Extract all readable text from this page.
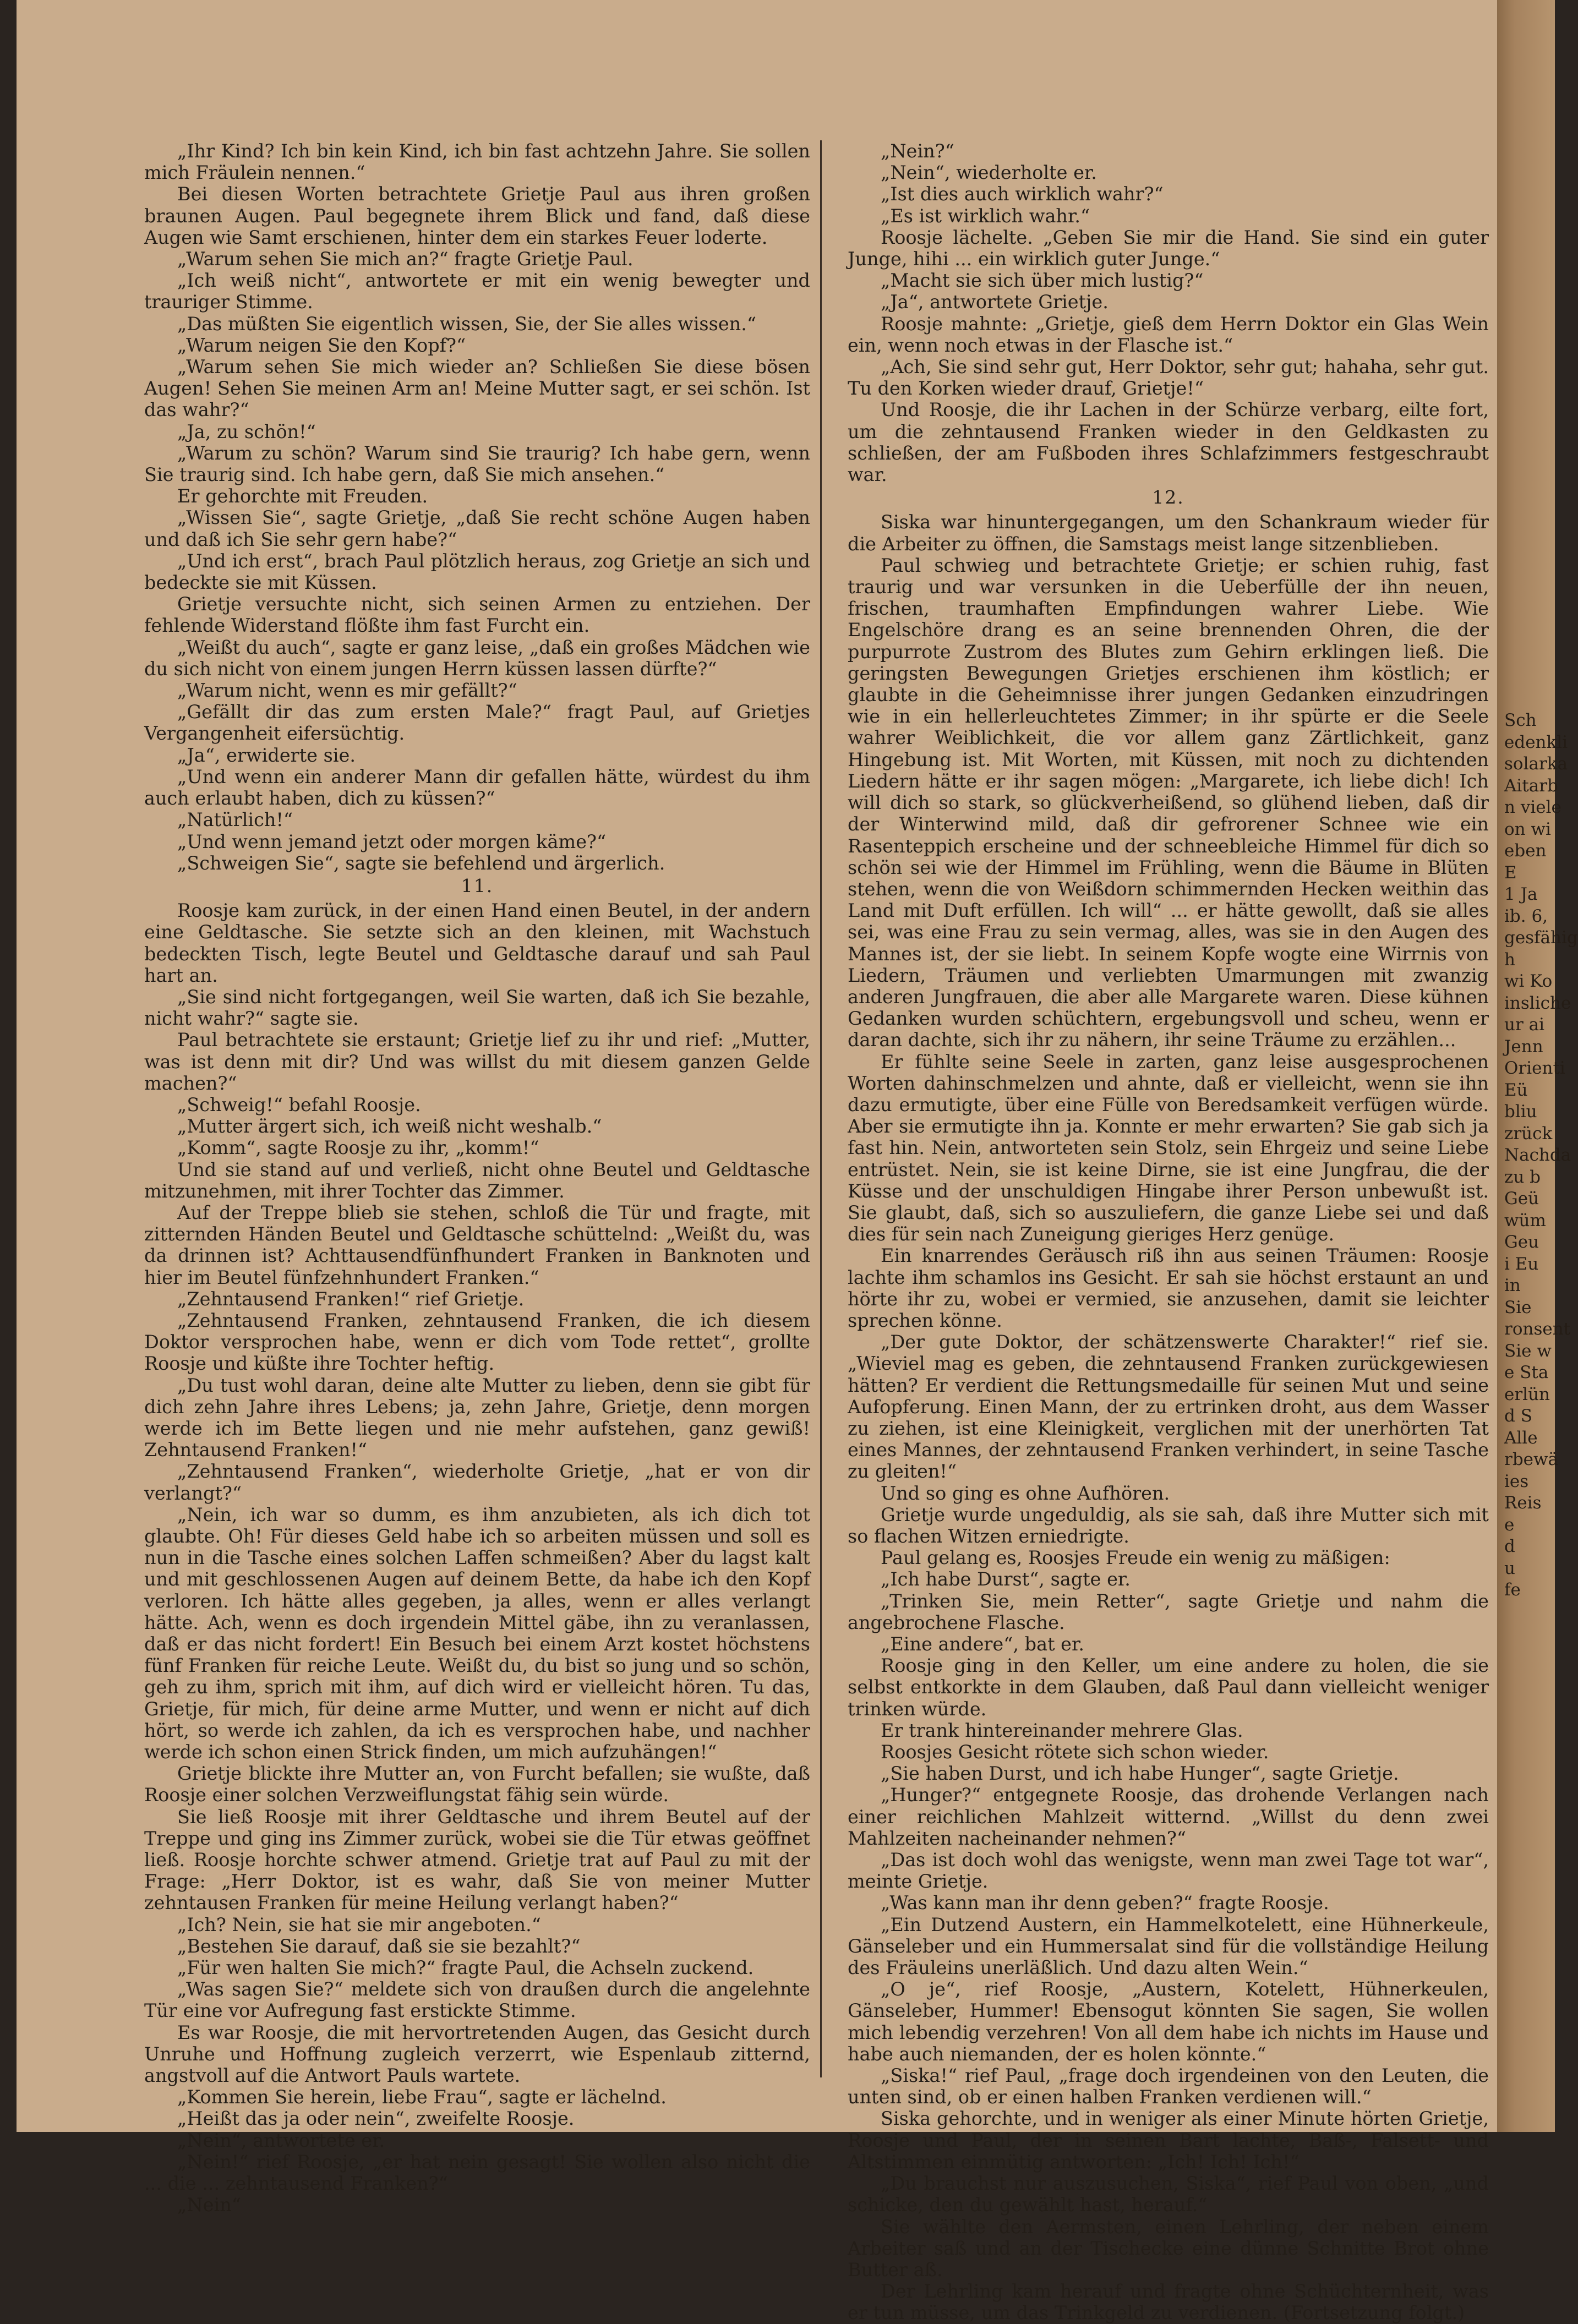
„Ihr Kind? Ich bin kein Kind, ich bin fast achtzehn Jahre. Sie sollen mich Fräulein nennen.“

Bei diesen Worten betrachtete Grietje Paul aus ihren großen braunen Augen. Paul begegnete ihrem Blick und fand, daß diese Augen wie Samt erschienen, hinter dem ein starkes Feuer loderte.

„Warum sehen Sie mich an?“ fragte Grietje Paul.

„Ich weiß nicht“, antwortete er mit ein wenig bewegter und trauriger Stimme.

„Das müßten Sie eigentlich wissen, Sie, der Sie alles wissen.“

„Warum neigen Sie den Kopf?“

„Warum sehen Sie mich wieder an? Schließen Sie diese bösen Augen! Sehen Sie meinen Arm an! Meine Mutter sagt, er sei schön. Ist das wahr?“

„Ja, zu schön!“

„Warum zu schön? Warum sind Sie traurig? Ich habe gern, wenn Sie traurig sind. Ich habe gern, daß Sie mich ansehen.“

Er gehorchte mit Freuden.

„Wissen Sie“, sagte Grietje, „daß Sie recht schöne Augen haben und daß ich Sie sehr gern habe?“

„Und ich erst“, brach Paul plötzlich heraus, zog Grietje an sich und bedeckte sie mit Küssen.

Grietje versuchte nicht, sich seinen Armen zu entziehen. Der fehlende Widerstand flößte ihm fast Furcht ein.

„Weißt du auch“, sagte er ganz leise, „daß ein großes Mädchen wie du sich nicht von einem jungen Herrn küssen lassen dürfte?“

„Warum nicht, wenn es mir gefällt?“

„Gefällt dir das zum ersten Male?“ fragt Paul, auf Grietjes Vergangenheit eifersüchtig.

„Ja“, erwiderte sie.

„Und wenn ein anderer Mann dir gefallen hätte, würdest du ihm auch erlaubt haben, dich zu küssen?“

„Natürlich!“

„Und wenn jemand jetzt oder morgen käme?“

„Schweigen Sie“, sagte sie befehlend und ärgerlich.

11.

Roosje kam zurück, in der einen Hand einen Beutel, in der andern eine Geldtasche. Sie setzte sich an den kleinen, mit Wachstuch bedeckten Tisch, legte Beutel und Geldtasche darauf und sah Paul hart an.

„Sie sind nicht fortgegangen, weil Sie warten, daß ich Sie bezahle, nicht wahr?“ sagte sie.

Paul betrachtete sie erstaunt; Grietje lief zu ihr und rief: „Mutter, was ist denn mit dir? Und was willst du mit diesem ganzen Gelde machen?“

„Schweig!“ befahl Roosje.

„Mutter ärgert sich, ich weiß nicht weshalb.“

„Komm“, sagte Roosje zu ihr, „komm!“

Und sie stand auf und verließ, nicht ohne Beutel und Geldtasche mitzunehmen, mit ihrer Tochter das Zimmer.

Auf der Treppe blieb sie stehen, schloß die Tür und fragte, mit zitternden Händen Beutel und Geldtasche schüttelnd: „Weißt du, was da drinnen ist? Achttausendfünfhundert Franken in Banknoten und hier im Beutel fünfzehnhundert Franken.“

„Zehntausend Franken!“ rief Grietje.

„Zehntausend Franken, zehntausend Franken, die ich diesem Doktor versprochen habe, wenn er dich vom Tode rettet“, grollte Roosje und küßte ihre Tochter heftig.

„Du tust wohl daran, deine alte Mutter zu lieben, denn sie gibt für dich zehn Jahre ihres Lebens; ja, zehn Jahre, Grietje, denn morgen werde ich im Bette liegen und nie mehr aufstehen, ganz gewiß! Zehntausend Franken!“

„Zehntausend Franken“, wiederholte Grietje, „hat er von dir verlangt?“

„Nein, ich war so dumm, es ihm anzubieten, als ich dich tot glaubte. Oh! Für dieses Geld habe ich so arbeiten müssen und soll es nun in die Tasche eines solchen Laffen schmeißen? Aber du lagst kalt und mit geschlossenen Augen auf deinem Bette, da habe ich den Kopf verloren. Ich hätte alles gegeben, ja alles, wenn er alles verlangt hätte. Ach, wenn es doch irgendein Mittel gäbe, ihn zu veranlassen, daß er das nicht fordert! Ein Besuch bei einem Arzt kostet höchstens fünf Franken für reiche Leute. Weißt du, du bist so jung und so schön, geh zu ihm, sprich mit ihm, auf dich wird er vielleicht hören. Tu das, Grietje, für mich, für deine arme Mutter, und wenn er nicht auf dich hört, so werde ich zahlen, da ich es versprochen habe, und nachher werde ich schon einen Strick finden, um mich aufzuhängen!“

Grietje blickte ihre Mutter an, von Furcht befallen; sie wußte, daß Roosje einer solchen Verzweiflungstat fähig sein würde.

Sie ließ Roosje mit ihrer Geldtasche und ihrem Beutel auf der Treppe und ging ins Zimmer zurück, wobei sie die Tür etwas geöffnet ließ. Roosje horchte schwer atmend. Grietje trat auf Paul zu mit der Frage: „Herr Doktor, ist es wahr, daß Sie von meiner Mutter zehntausen Franken für meine Heilung verlangt haben?“

„Ich? Nein, sie hat sie mir angeboten.“

„Bestehen Sie darauf, daß sie sie bezahlt?“

„Für wen halten Sie mich?“ fragte Paul, die Achseln zuckend.

„Was sagen Sie?“ meldete sich von draußen durch die angelehnte Tür eine vor Aufregung fast erstickte Stimme.

Es war Roosje, die mit hervortretenden Augen, das Gesicht durch Unruhe und Hoffnung zugleich verzerrt, wie Espenlaub zitternd, angstvoll auf die Antwort Pauls wartete.

„Kommen Sie herein, liebe Frau“, sagte er lächelnd.

„Heißt das ja oder nein“, zweifelte Roosje.

„Nein“, antwortete er.

„Nein!“ rief Roosje, „er hat nein gesagt! Sie wollen also nicht die ... die ... zehntausend Franken?“

„Nein“

„Nein?“

„Nein“, wiederholte er.

„Ist dies auch wirklich wahr?“

„Es ist wirklich wahr.“

Roosje lächelte. „Geben Sie mir die Hand. Sie sind ein guter Junge, hihi ... ein wirklich guter Junge.“

„Macht sie sich über mich lustig?“

„Ja“, antwortete Grietje.

Roosje mahnte: „Grietje, gieß dem Herrn Doktor ein Glas Wein ein, wenn noch etwas in der Flasche ist.“

„Ach, Sie sind sehr gut, Herr Doktor, sehr gut; hahaha, sehr gut. Tu den Korken wieder drauf, Grietje!“

Und Roosje, die ihr Lachen in der Schürze verbarg, eilte fort, um die zehntausend Franken wieder in den Geldkasten zu schließen, der am Fußboden ihres Schlafzimmers festgeschraubt war.

12.

Siska war hinuntergegangen, um den Schankraum wieder für die Arbeiter zu öffnen, die Samstags meist lange sitzenblieben.

Paul schwieg und betrachtete Grietje; er schien ruhig, fast traurig und war versunken in die Ueberfülle der ihn neuen, frischen, traumhaften Empfindungen wahrer Liebe. Wie Engelschöre drang es an seine brennenden Ohren, die der purpurrote Zustrom des Blutes zum Gehirn erklingen ließ. Die geringsten Bewegungen Grietjes erschienen ihm köstlich; er glaubte in die Geheimnisse ihrer jungen Gedanken einzudringen wie in ein hellerleuchtetes Zimmer; in ihr spürte er die Seele wahrer Weiblichkeit, die vor allem ganz Zärtlichkeit, ganz Hingebung ist. Mit Worten, mit Küssen, mit noch zu dichtenden Liedern hätte er ihr sagen mögen: „Margarete, ich liebe dich! Ich will dich so stark, so glückverheißend, so glühend lieben, daß dir der Winterwind mild, daß dir gefrorener Schnee wie ein Rasenteppich erscheine und der schneebleiche Himmel für dich so schön sei wie der Himmel im Frühling, wenn die Bäume in Blüten stehen, wenn die von Weißdorn schimmernden Hecken weithin das Land mit Duft erfüllen. Ich will“ ... er hätte gewollt, daß sie alles sei, was eine Frau zu sein vermag, alles, was sie in den Augen des Mannes ist, der sie liebt. In seinem Kopfe wogte eine Wirrnis von Liedern, Träumen und verliebten Umarmungen mit zwanzig anderen Jungfrauen, die aber alle Margarete waren. Diese kühnen Gedanken wurden schüchtern, ergebungsvoll und scheu, wenn er daran dachte, sich ihr zu nähern, ihr seine Träume zu erzählen...

Er fühlte seine Seele in zarten, ganz leise ausgesprochenen Worten dahinschmelzen und ahnte, daß er vielleicht, wenn sie ihn dazu ermutigte, über eine Fülle von Beredsamkeit verfügen würde. Aber sie ermutigte ihn ja. Konnte er mehr erwarten? Sie gab sich ja fast hin. Nein, antworteten sein Stolz, sein Ehrgeiz und seine Liebe entrüstet. Nein, sie ist keine Dirne, sie ist eine Jungfrau, die der Küsse und der unschuldigen Hingabe ihrer Person unbewußt ist. Sie glaubt, daß, sich so auszuliefern, die ganze Liebe sei und daß dies für sein nach Zuneigung gieriges Herz genüge.

Ein knarrendes Geräusch riß ihn aus seinen Träumen: Roosje lachte ihm schamlos ins Gesicht. Er sah sie höchst erstaunt an und hörte ihr zu, wobei er vermied, sie anzusehen, damit sie leichter sprechen könne.

„Der gute Doktor, der schätzenswerte Charakter!“ rief sie. „Wieviel mag es geben, die zehntausend Franken zurückgewiesen hätten? Er verdient die Rettungsmedaille für seinen Mut und seine Aufopferung. Einen Mann, der zu ertrinken droht, aus dem Wasser zu ziehen, ist eine Kleinigkeit, verglichen mit der unerhörten Tat eines Mannes, der zehntausend Franken verhindert, in seine Tasche zu gleiten!“

Und so ging es ohne Aufhören.

Grietje wurde ungeduldig, als sie sah, daß ihre Mutter sich mit so flachen Witzen erniedrigte.

Paul gelang es, Roosjes Freude ein wenig zu mäßigen:

„Ich habe Durst“, sagte er.

„Trinken Sie, mein Retter“, sagte Grietje und nahm die angebrochene Flasche.

„Eine andere“, bat er.

Roosje ging in den Keller, um eine andere zu holen, die sie selbst entkorkte in dem Glauben, daß Paul dann vielleicht weniger trinken würde.

Er trank hintereinander mehrere Glas.

Roosjes Gesicht rötete sich schon wieder.

„Sie haben Durst, und ich habe Hunger“, sagte Grietje.

„Hunger?“ entgegnete Roosje, das drohende Verlangen nach einer reichlichen Mahlzeit witternd. „Willst du denn zwei Mahlzeiten nacheinander nehmen?“

„Das ist doch wohl das wenigste, wenn man zwei Tage tot war“, meinte Grietje.

„Was kann man ihr denn geben?“ fragte Roosje.

„Ein Dutzend Austern, ein Hammelkotelett, eine Hühnerkeule, Gänseleber und ein Hummersalat sind für die vollständige Heilung des Fräuleins unerläßlich. Und dazu alten Wein.“

„O je“, rief Roosje, „Austern, Kotelett, Hühnerkeulen, Gänseleber, Hummer! Ebensogut könnten Sie sagen, Sie wollen mich lebendig verzehren! Von all dem habe ich nichts im Hause und habe auch niemanden, der es holen könnte.“

„Siska!“ rief Paul, „frage doch irgendeinen von den Leuten, die unten sind, ob er einen halben Franken verdienen will.“

Siska gehorchte, und in weniger als einer Minute hörten Grietje, Roosje und Paul, der in seinen Bart lachte, Baß-, Falsett- und Altstimmen einmütig antworten: „Ich! Ich! Ich!“

„Du brauchst nur auszusuchen, Siska“, rief Paul von oben, „und schicke, den du gewählt hast, herauf.“

Sie wählte den Aermsten, einen Lehrling, der neben einem Arbeiter saß und an der Tischecke eine dünne Schnitte Brot ohne Butter aß.

Der Lehrling kam herauf und fragte ohne Schüchternheit, was er tun müsse, um das Trinkgeld zu verdienen. (Fortsetzung folgt.)

Sch
edenkli
solarka
Aitarb
n viele
on wi
eben
E
1 Ja
ib. 6,
gesfähig
h
wi Ko
insliche
ur ai
Jenn
Orienti
Eü
bliu
zrück
Nachda
zu b
Geü
wüm
Geu
i Eu
in
Sie
ronsent
Sie w
e Sta
erlün
d S
Alle
rbewä
ies
Reis
e
d
u
fe
